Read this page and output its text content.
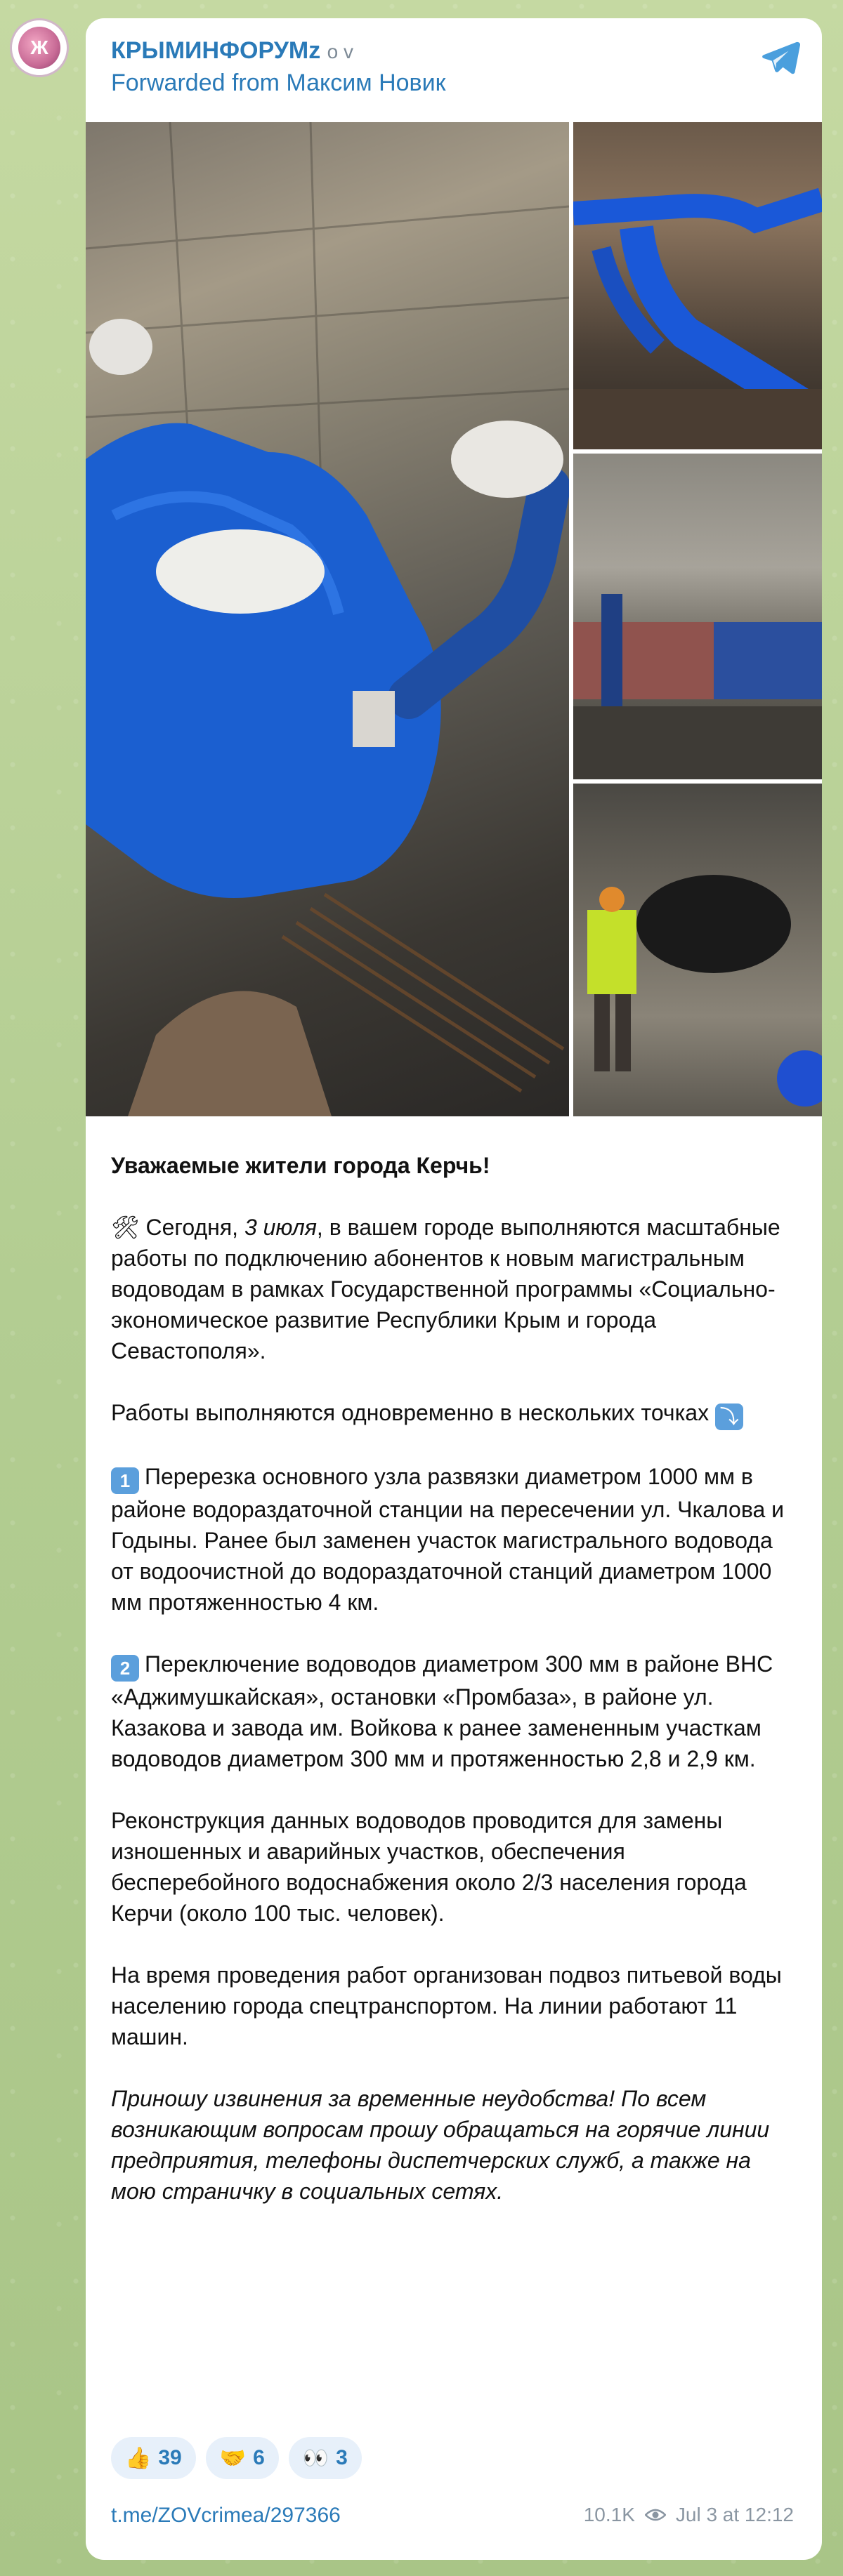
Ж	КРЫМИНФОРУМz o v
Forwarded from Максим Новик

Уважаемые жители города Керчь!

🛠 Сегодня, 3 июля, в вашем городе выполняются масштабные работы по подключению абонентов к новым магистральным водоводам в рамках Государственной программы «Социально-экономическое развитие Республики Крым и города Севастополя».

Работы выполняются одновременно в нескольких точках ⤵

1 Перерезка основного узла развязки диаметром 1000 мм в районе водораздаточной станции на пересечении ул. Чкалова и Годыны. Ранее был заменен участок магистрального водовода от водоочистной до водораздаточной станций диаметром 1000 мм протяженностью 4 км.

2 Переключение водоводов диаметром 300 мм в районе ВНС «Аджимушкайская», остановки «Промбаза», в районе ул. Казакова и завода им. Войкова к ранее замененным участкам водоводов диаметром 300 мм и протяженностью 2,8 и 2,9 км.

Реконструкция данных водоводов проводится для замены изношенных и аварийных участков, обеспечения бесперебойного водоснабжения около 2/3 населения города Керчи (около 100 тыс. человек).

На время проведения работ организован подвоз питьевой воды населению города спецтранспортом. На линии работают 11 машин.

Приношу извинения за временные неудобства! По всем возникающим вопросам прошу обращаться на горячие линии предприятия, телефоны диспетчерских служб, а также на мою страничку в социальных сетях.

👍 39 🤝 6 👀 3
t.me/ZOVcrimea/297366	10.1K Jul 3 at 12:12
